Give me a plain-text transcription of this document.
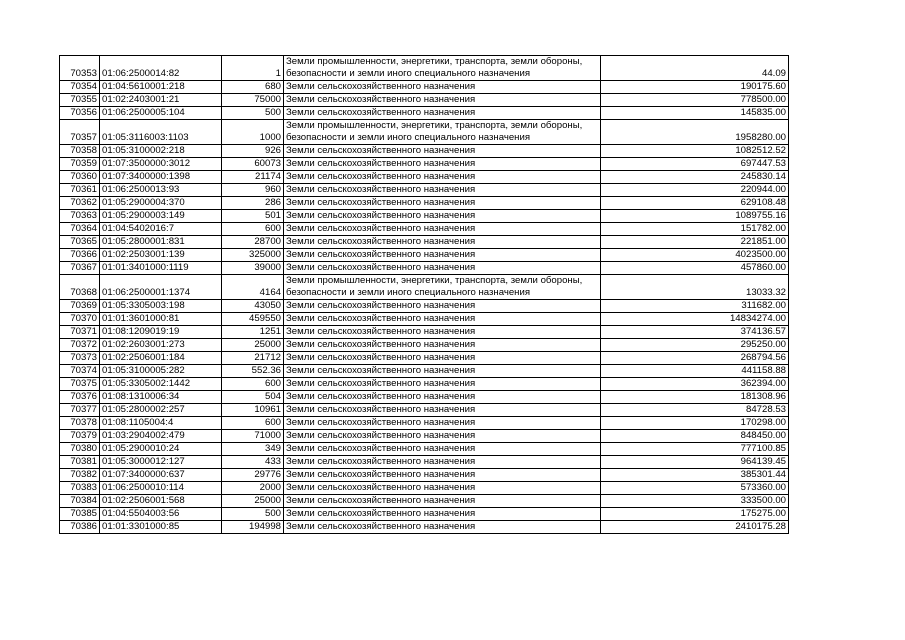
70353	01:06:2500014:82	1	Земли промышленности, энергетики, транспорта, земли обороны, безопасности и земли иного специального назначения	44.09
70354	01:04:5610001:218	680	Земли сельскохозяйственного назначения	190175.60
70355	01:02:2403001:21	75000	Земли сельскохозяйственного назначения	778500.00
70356	01:06:2500005:104	500	Земли сельскохозяйственного назначения	145835.00
70357	01:05:3116003:1103	1000	Земли промышленности, энергетики, транспорта, земли обороны, безопасности и земли иного специального назначения	1958280.00
70358	01:05:3100002:218	926	Земли сельскохозяйственного назначения	1082512.52
70359	01:07:3500000:3012	60073	Земли сельскохозяйственного назначения	697447.53
70360	01:07:3400000:1398	21174	Земли сельскохозяйственного назначения	245830.14
70361	01:06:2500013:93	960	Земли сельскохозяйственного назначения	220944.00
70362	01:05:2900004:370	286	Земли сельскохозяйственного назначения	629108.48
70363	01:05:2900003:149	501	Земли сельскохозяйственного назначения	1089755.16
70364	01:04:5402016:7	600	Земли сельскохозяйственного назначения	151782.00
70365	01:05:2800001:831	28700	Земли сельскохозяйственного назначения	221851.00
70366	01:02:2503001:139	325000	Земли сельскохозяйственного назначения	4023500.00
70367	01:01:3401000:1119	39000	Земли сельскохозяйственного назначения	457860.00
70368	01:06:2500001:1374	4164	Земли промышленности, энергетики, транспорта, земли обороны, безопасности и земли иного специального назначения	13033.32
70369	01:05:3305003:198	43050	Земли сельскохозяйственного назначения	311682.00
70370	01:01:3601000:81	459550	Земли сельскохозяйственного назначения	14834274.00
70371	01:08:1209019:19	1251	Земли сельскохозяйственного назначения	374136.57
70372	01:02:2603001:273	25000	Земли сельскохозяйственного назначения	295250.00
70373	01:02:2506001:184	21712	Земли сельскохозяйственного назначения	268794.56
70374	01:05:3100005:282	552.36	Земли сельскохозяйственного назначения	441158.88
70375	01:05:3305002:1442	600	Земли сельскохозяйственного назначения	362394.00
70376	01:08:1310006:34	504	Земли сельскохозяйственного назначения	181308.96
70377	01:05:2800002:257	10961	Земли сельскохозяйственного назначения	84728.53
70378	01:08:1105004:4	600	Земли сельскохозяйственного назначения	170298.00
70379	01:03:2904002:479	71000	Земли сельскохозяйственного назначения	848450.00
70380	01:05:2900010:24	349	Земли сельскохозяйственного назначения	777100.85
70381	01:05:3000012:127	433	Земли сельскохозяйственного назначения	964139.45
70382	01:07:3400000:637	29776	Земли сельскохозяйственного назначения	385301.44
70383	01:06:2500010:114	2000	Земли сельскохозяйственного назначения	573360.00
70384	01:02:2506001:568	25000	Земли сельскохозяйственного назначения	333500.00
70385	01:04:5504003:56	500	Земли сельскохозяйственного назначения	175275.00
70386	01:01:3301000:85	194998	Земли сельскохозяйственного назначения	2410175.28
